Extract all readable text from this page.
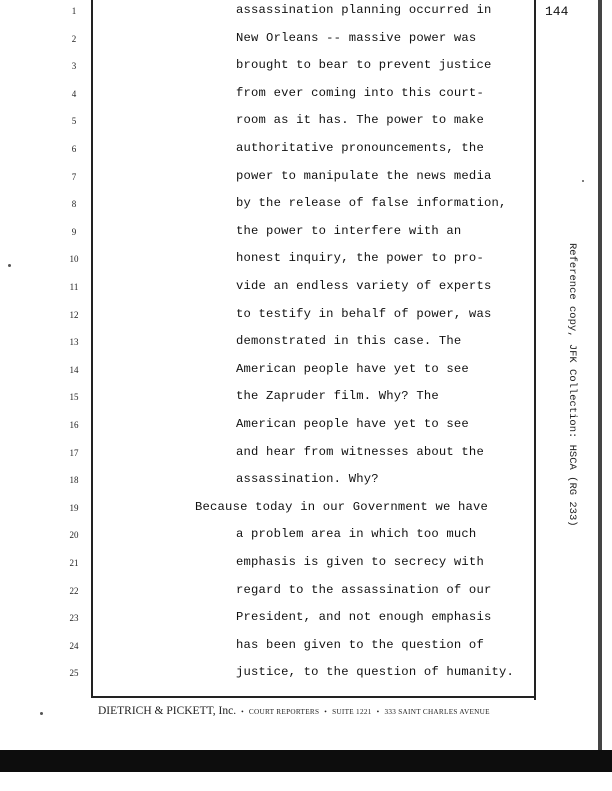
144
1	assassination planning occurred in
2	New Orleans -- massive power was
3	brought to bear to prevent justice
4	from ever coming into this court-
5	room as it has. The power to make
6	authoritative pronouncements, the
7	power to manipulate the news media
8	by the release of false information,
9	the power to interfere with an
10	honest inquiry, the power to pro-
11	vide an endless variety of experts
12	to testify in behalf of power, was
13	demonstrated in this case. The
14	American people have yet to see
15	the Zapruder film. Why? The
16	American people have yet to see
17	and hear from witnesses about the
18	assassination. Why?
19	Because today in our Government we have
20	a problem area in which too much
21	emphasis is given to secrecy with
22	regard to the assassination of our
23	President, and not enough emphasis
24	has been given to the question of
25	justice, to the question of humanity.
DIETRICH & PICKETT, Inc. • COURT REPORTERS • SUITE 1221 • 333 SAINT CHARLES AVENUE
Reference copy, JFK Collection: HSCA (RG 233)
